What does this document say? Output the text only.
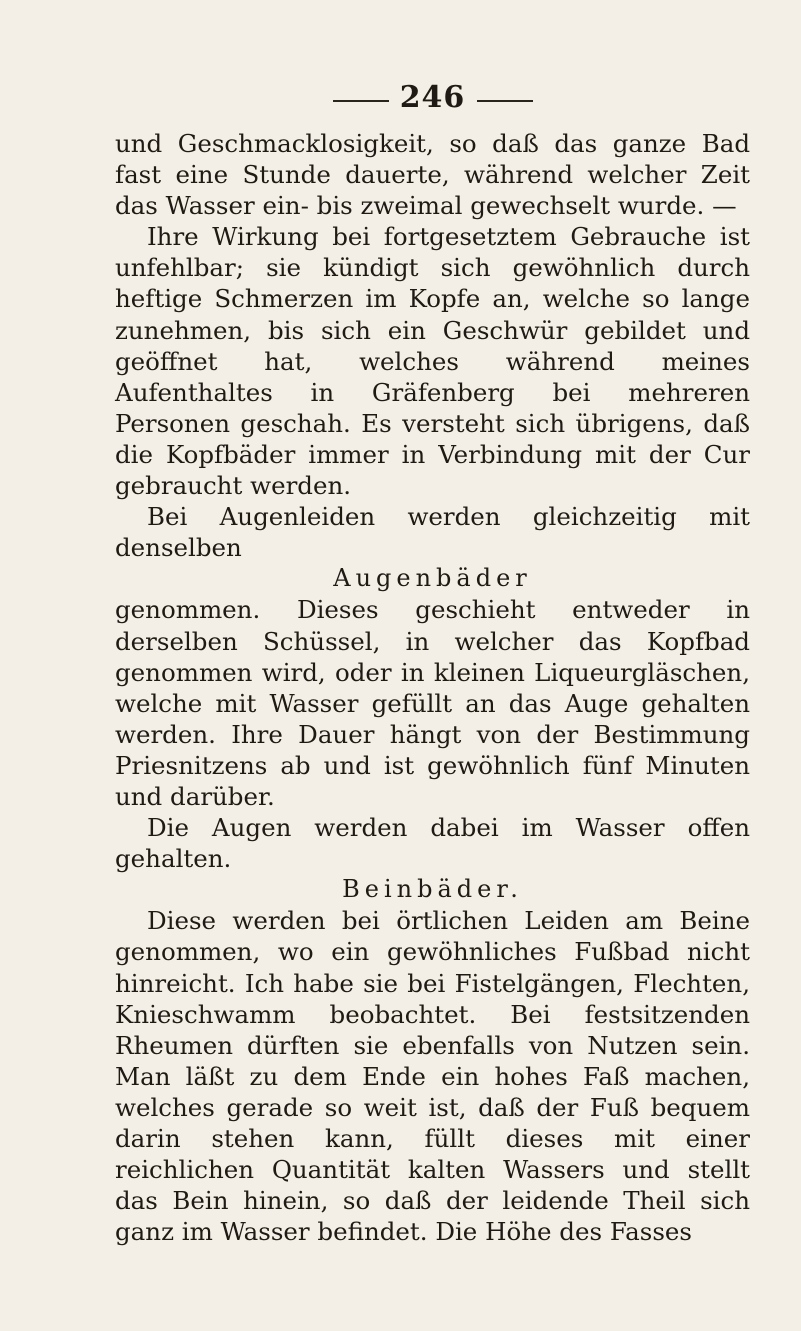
246

und Geschmacklosigkeit, so daß das ganze Bad fast eine Stunde dauerte, während welcher Zeit das Wasser ein- bis zweimal gewechselt wurde. —

Ihre Wirkung bei fortgesetztem Gebrauche ist unfehlbar; sie kündigt sich gewöhnlich durch heftige Schmerzen im Kopfe an, welche so lange zunehmen, bis sich ein Geschwür gebildet und geöffnet hat, welches während meines Aufenthaltes in Gräfenberg bei mehreren Personen geschah. Es versteht sich übrigens, daß die Kopfbäder immer in Verbindung mit der Cur gebraucht werden.

Bei Augenleiden werden gleichzeitig mit denselben

Augenbäder

genommen. Dieses geschieht entweder in derselben Schüssel, in welcher das Kopfbad genommen wird, oder in kleinen Liqueurgläschen, welche mit Wasser gefüllt an das Auge gehalten werden. Ihre Dauer hängt von der Bestimmung Priesnitzens ab und ist gewöhnlich fünf Minuten und darüber.

Die Augen werden dabei im Wasser offen gehalten.

Beinbäder.

Diese werden bei örtlichen Leiden am Beine genommen, wo ein gewöhnliches Fußbad nicht hinreicht. Ich habe sie bei Fistelgängen, Flechten, Knieschwamm beobachtet. Bei festsitzenden Rheumen dürften sie ebenfalls von Nutzen sein. Man läßt zu dem Ende ein hohes Faß machen, welches gerade so weit ist, daß der Fuß bequem darin stehen kann, füllt dieses mit einer reichlichen Quantität kalten Wassers und stellt das Bein hinein, so daß der leidende Theil sich ganz im Wasser befindet. Die Höhe des Fasses
